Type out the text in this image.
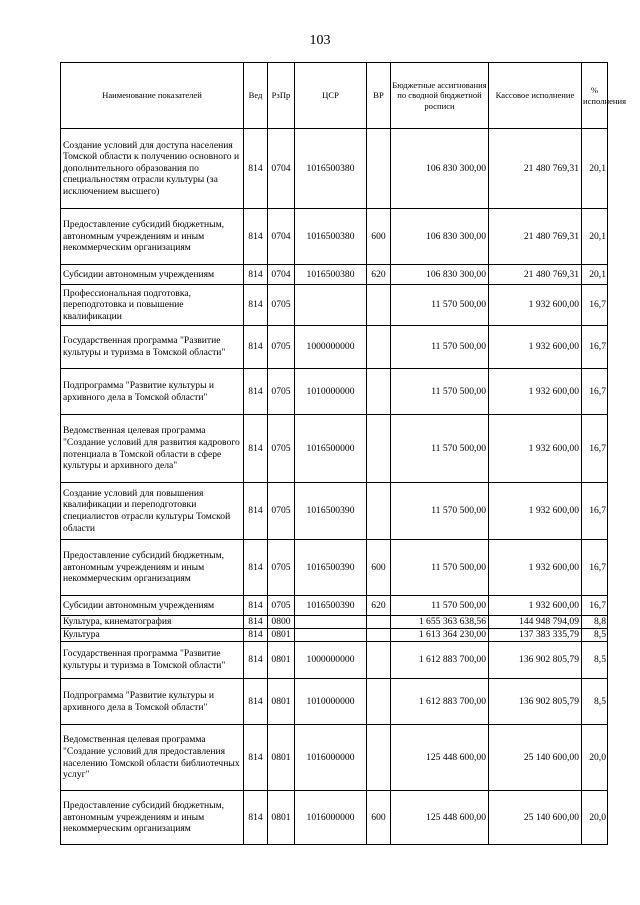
103
Наименование показателей	Вед	РзПр	ЦСР	ВР	Бюджетные ассигнования по сводной бюджетной росписи	Кассовое исполнение	% исполнения
Создание условий для доступа населения Томской области к получению основного и дополнительного образования по специальностям отрасли культуры (за исключением высшего)	814	0704	1016500380		106 830 300,00	21 480 769,31	20,1
Предоставление субсидий бюджетным, автономным учреждениям и иным некоммерческим организациям	814	0704	1016500380	600	106 830 300,00	21 480 769,31	20,1
Субсидии автономным учреждениям	814	0704	1016500380	620	106 830 300,00	21 480 769,31	20,1
Профессиональная подготовка, переподготовка и повышение квалификации	814	0705			11 570 500,00	1 932 600,00	16,7
Государственная программа "Развитие культуры и туризма в Томской области"	814	0705	1000000000		11 570 500,00	1 932 600,00	16,7
Подпрограмма "Развитие культуры и архивного дела в Томской области"	814	0705	1010000000		11 570 500,00	1 932 600,00	16,7
Ведомственная целевая программа "Создание условий для развития кадрового потенциала в Томской области в сфере культуры и архивного дела"	814	0705	1016500000		11 570 500,00	1 932 600,00	16,7
Создание условий для повышения квалификации и переподготовки специалистов отрасли культуры Томской области	814	0705	1016500390		11 570 500,00	1 932 600,00	16,7
Предоставление субсидий бюджетным, автономным учреждениям и иным некоммерческим организациям	814	0705	1016500390	600	11 570 500,00	1 932 600,00	16,7
Субсидии автономным учреждениям	814	0705	1016500390	620	11 570 500,00	1 932 600,00	16,7
Культура, кинематография	814	0800			1 655 363 638,56	144 948 794,09	8,8
Культура	814	0801			1 613 364 230,00	137 383 335,79	8,5
Государственная программа "Развитие культуры и туризма в Томской области"	814	0801	1000000000		1 612 883 700,00	136 902 805,79	8,5
Подпрограмма "Развитие культуры и архивного дела в Томской области"	814	0801	1010000000		1 612 883 700,00	136 902 805,79	8,5
Ведомственная целевая программа "Создание условий для предоставления населению Томской области библиотечных услуг"	814	0801	1016000000		125 448 600,00	25 140 600,00	20,0
Предоставление субсидий бюджетным, автономным учреждениям и иным некоммерческим организациям	814	0801	1016000000	600	125 448 600,00	25 140 600,00	20,0
